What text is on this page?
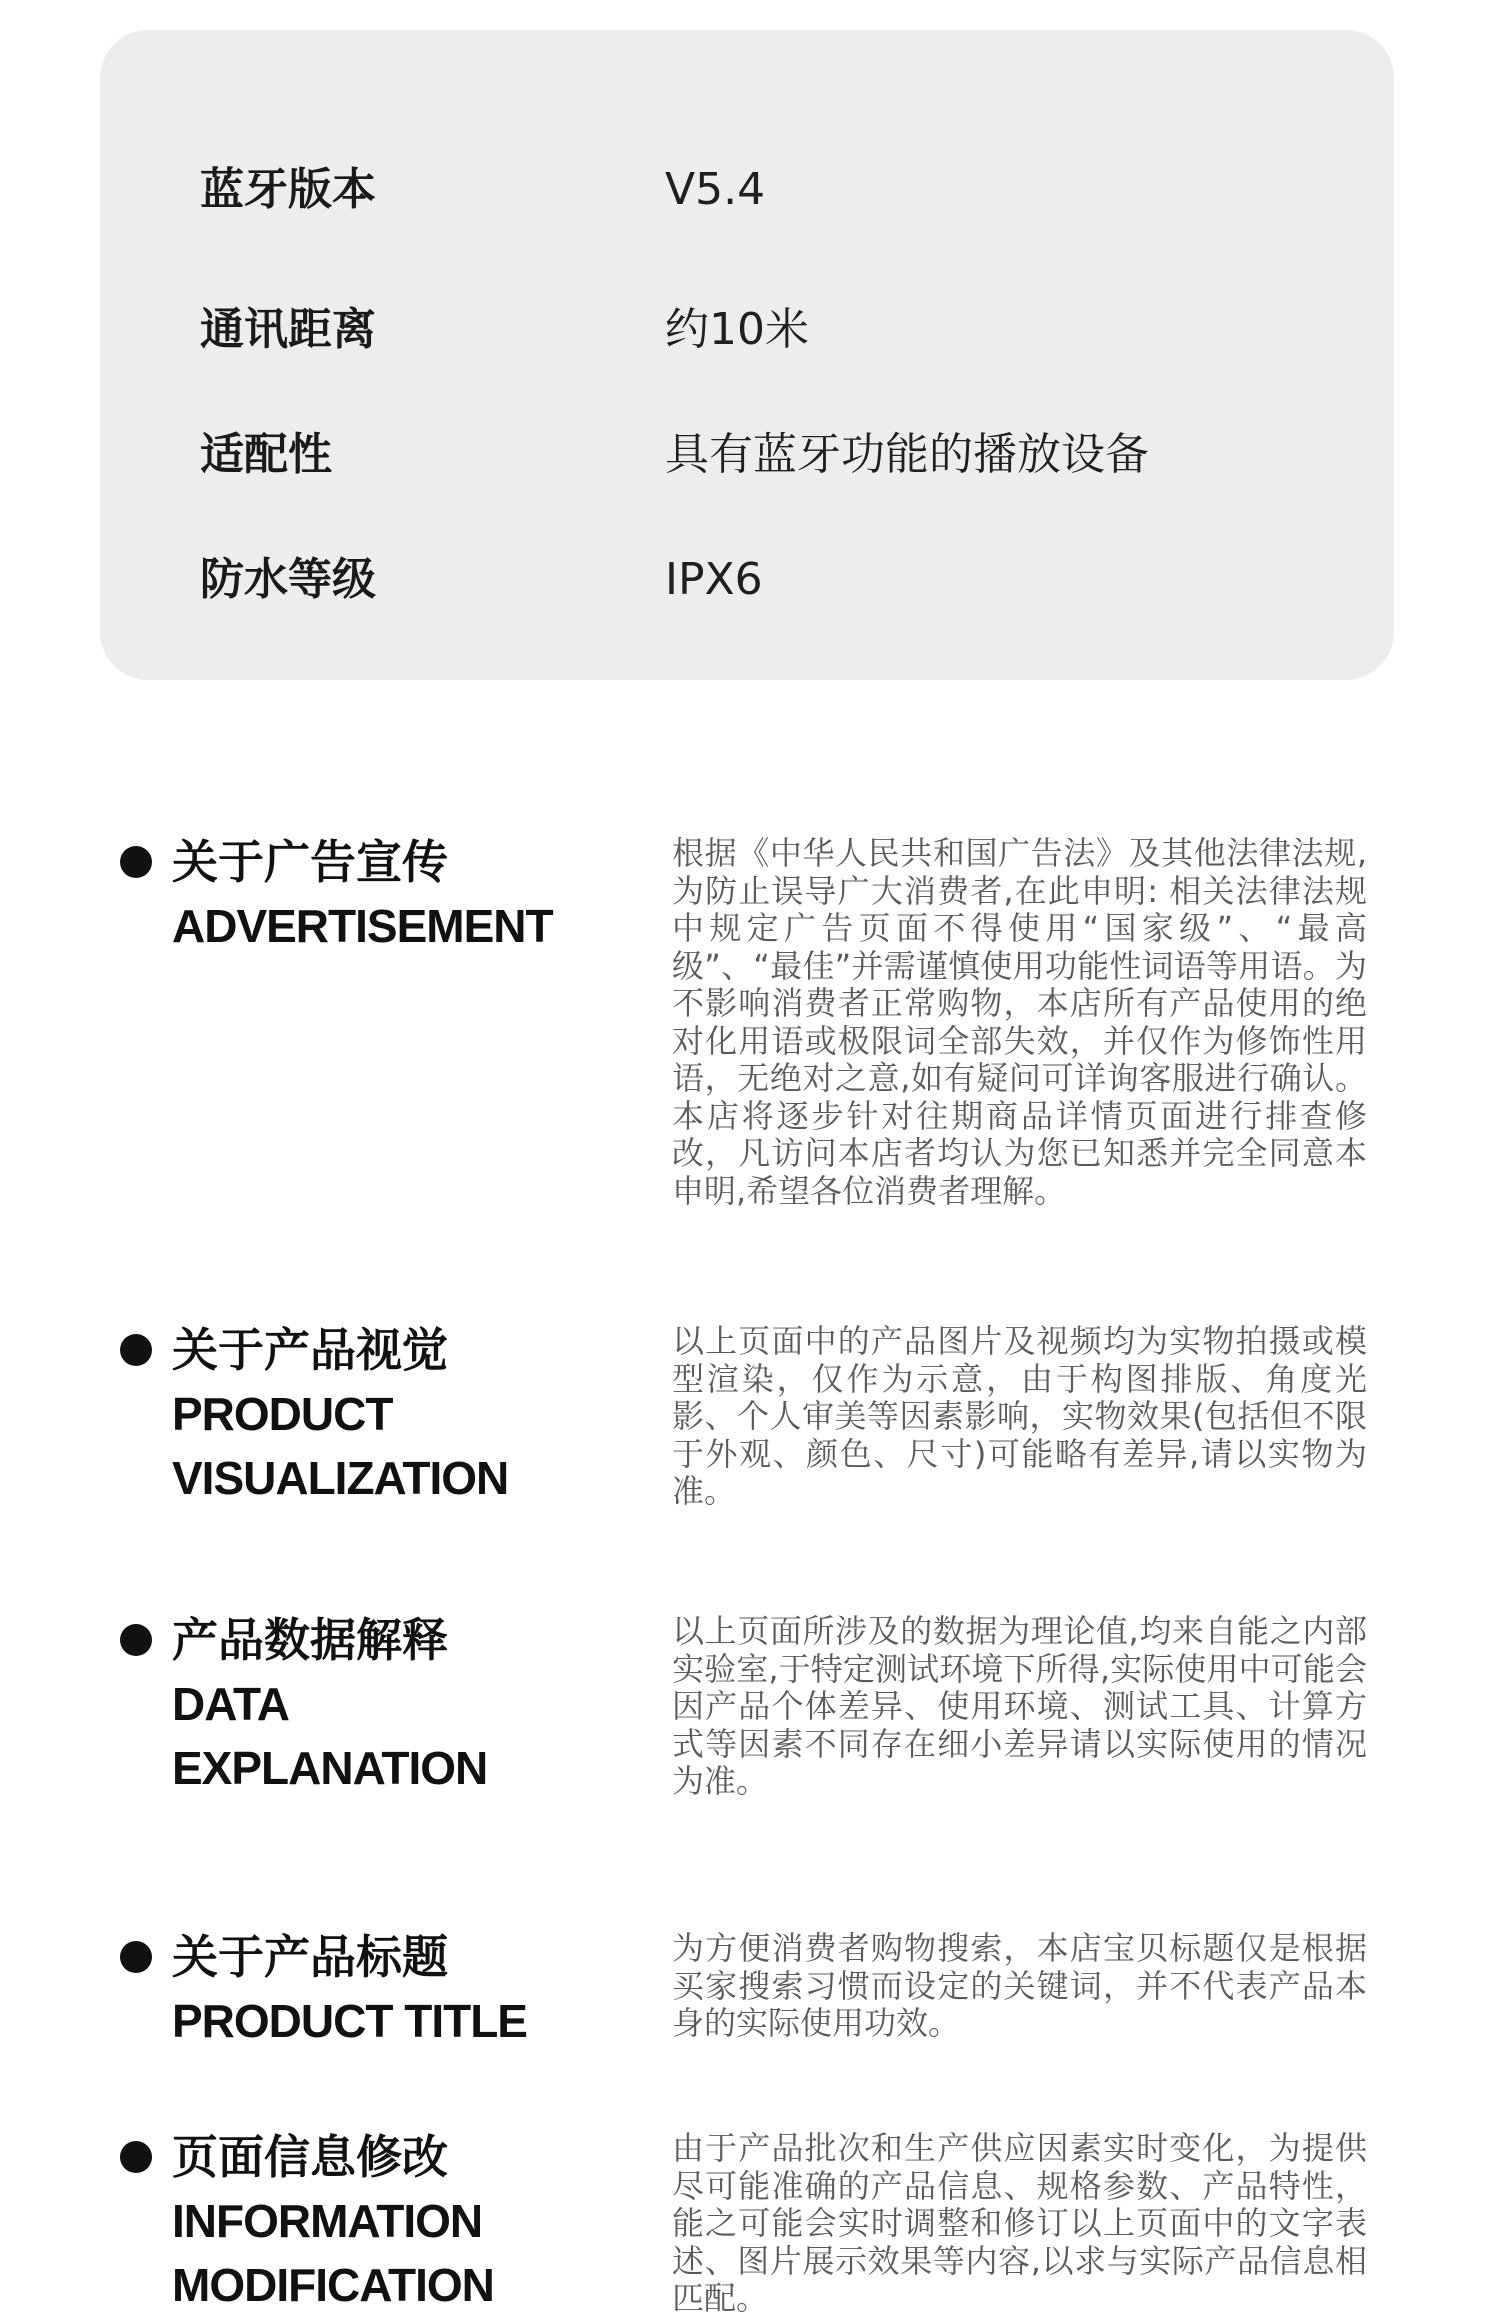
蓝牙版本	V5.4
通讯距离	约10米
适配性	具有蓝牙功能的播放设备
防水等级	IPX6
关于广告宣传
ADVERTISEMENT
根据《中华人民共和国广告法》及其他法律法规,为防止误导广大消费者,在此申明: 相关法律法规中规定广告页面不得使用“国家级”、“最高级”、“最佳”并需谨慎使用功能性词语等用语。为不影响消费者正常购物，本店所有产品使用的绝对化用语或极限词全部失效，并仅作为修饰性用语，无绝对之意,如有疑问可详询客服进行确认。本店将逐步针对往期商品详情页面进行排查修改，凡访问本店者均认为您已知悉并完全同意本申明,希望各位消费者理解。
关于产品视觉
PRODUCT VISUALIZATION
以上页面中的产品图片及视频均为实物拍摄或模型渲染，仅作为示意，由于构图排版、角度光影、个人审美等因素影响，实物效果(包括但不限于外观、颜色、尺寸)可能略有差异,请以实物为准。
产品数据解释
DATA EXPLANATION
以上页面所涉及的数据为理论值,均来自能之内部实验室,于特定测试环境下所得,实际使用中可能会因产品个体差异、使用环境、测试工具、计算方式等因素不同存在细小差异请以实际使用的情况为准。
关于产品标题
PRODUCT TITLE
为方便消费者购物搜索，本店宝贝标题仅是根据买家搜索习惯而设定的关键词，并不代表产品本身的实际使用功效。
页面信息修改
INFORMATION MODIFICATION
由于产品批次和生产供应因素实时变化，为提供尽可能准确的产品信息、规格参数、产品特性，能之可能会实时调整和修订以上页面中的文字表述、图片展示效果等内容,以求与实际产品信息相匹配。
